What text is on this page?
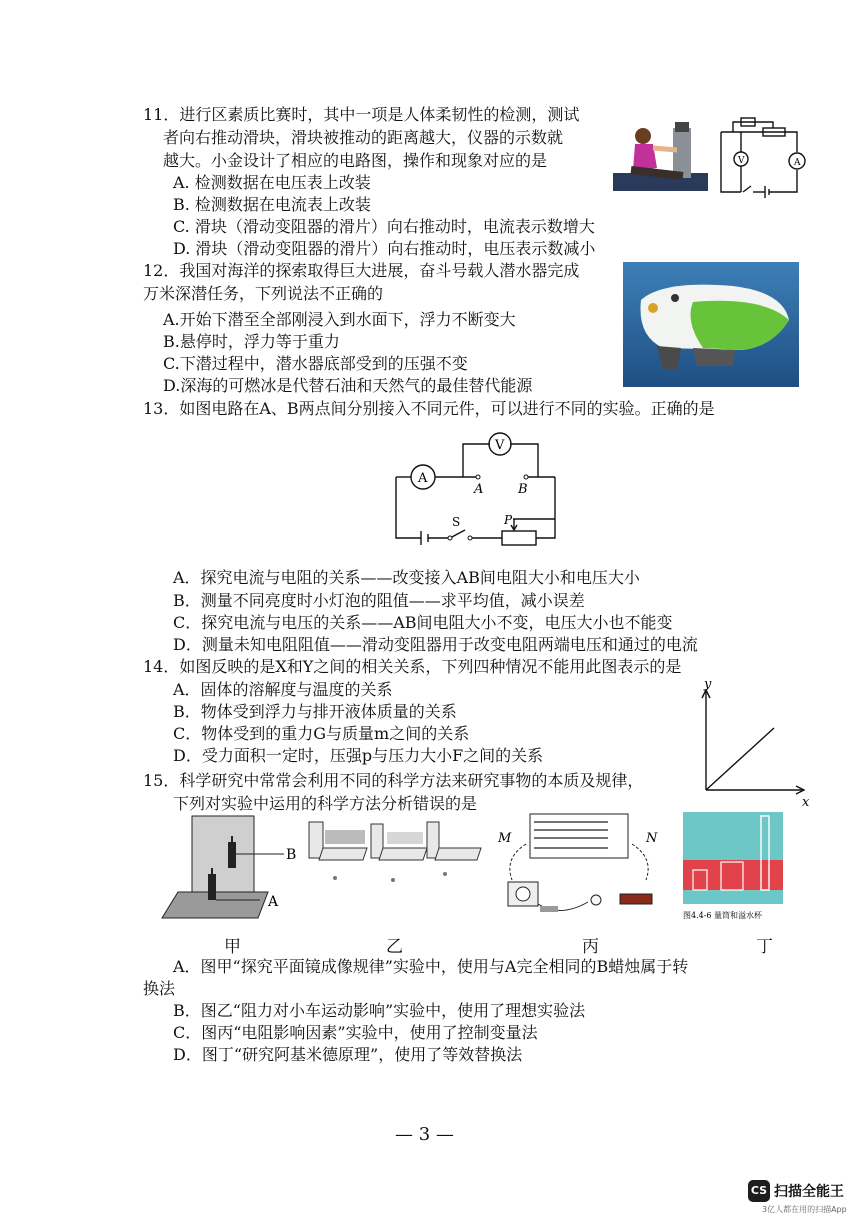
11．进行区素质比赛时，其中一项是人体柔韧性的检测，测试
者向右推动滑块，滑块被推动的距离越大，仪器的示数就
越大。小金设计了相应的电路图，操作和现象对应的是
A. 检测数据在电压表上改装
B. 检测数据在电流表上改装
C. 滑块（滑动变阻器的滑片）向右推动时，电流表示数增大
D. 滑块（滑动变阻器的滑片）向右推动时，电压表示数减小
V	A
12．我国对海洋的探索取得巨大进展，奋斗号载人潜水器完成
万米深潜任务，下列说法不正确的
A.开始下潜至全部刚浸入到水面下，浮力不断变大
B.悬停时，浮力等于重力
C.下潜过程中，潜水器底部受到的压强不变
D.深海的可燃冰是代替石油和天然气的最佳替代能源
13．如图电路在A、B两点间分别接入不同元件，可以进行不同的实验。正确的是
V
A
A	B
S	P
A．探究电流与电阻的关系——改变接入AB间电阻大小和电压大小
B．测量不同亮度时小灯泡的阻值——求平均值，减小误差
C．探究电流与电压的关系——AB间电阻大小不变，电压大小也不能变
D．测量未知电阻阻值——滑动变阻器用于改变电阻两端电压和通过的电流
14．如图反映的是X和Y之间的相关关系，下列四种情况不能用此图表示的是
A．固体的溶解度与温度的关系
B．物体受到浮力与排开液体质量的关系
C．物体受到的重力G与质量m之间的关系
D．受力面积一定时，压强p与压力大小F之间的关系
y
x
15．科学研究中常常会利用不同的科学方法来研究事物的本质及规律，
下列对实验中运用的科学方法分析错误的是
B
A
M	N
图4.4-6 量筒和溢水杯
甲	乙	丙	丁
A．图甲“探究平面镜成像规律”实验中，使用与A完全相同的B蜡烛属于转
换法
B．图乙“阻力对小车运动影响”实验中，使用了理想实验法
C．图丙“电阻影响因素”实验中，使用了控制变量法
D．图丁“研究阿基米德原理”，使用了等效替换法
— 3 —
CS 扫描全能王
3亿人都在用的扫描App
